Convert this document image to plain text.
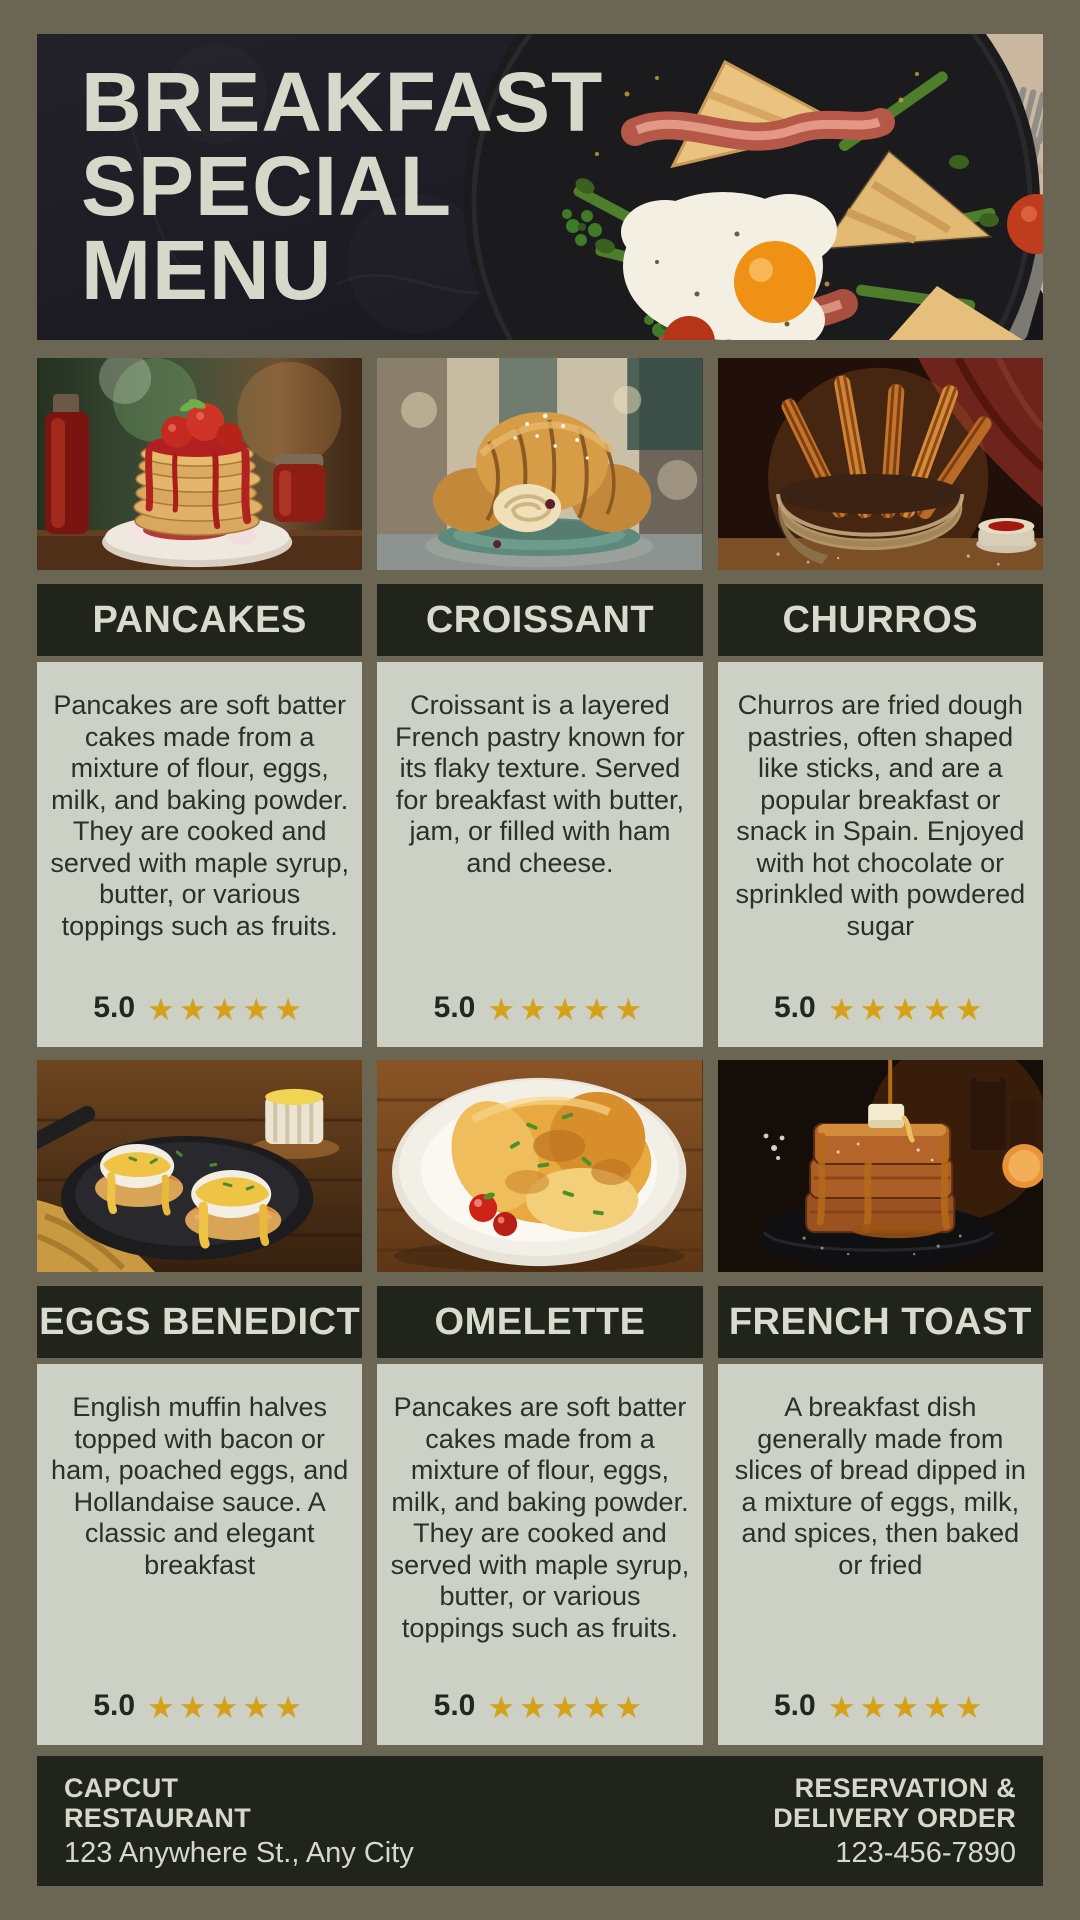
BREAKFAST
SPECIAL
MENU
PANCAKES
Pancakes are soft batter cakes made from a mixture of flour, eggs, milk, and baking powder. They are cooked and served with maple syrup, butter, or various toppings such as fruits.
5.0 ★★★★★
CROISSANT
Croissant is a layered French pastry known for its flaky texture. Served for breakfast with butter, jam, or filled with ham and cheese.
5.0 ★★★★★
CHURROS
Churros are fried dough pastries, often shaped like sticks, and are a popular breakfast or snack in Spain. Enjoyed with hot chocolate or sprinkled with powdered sugar
5.0 ★★★★★
EGGS BENEDICT
English muffin halves topped with bacon or ham, poached eggs, and Hollandaise sauce. A classic and elegant breakfast
5.0 ★★★★★
OMELETTE
Pancakes are soft batter cakes made from a mixture of flour, eggs, milk, and baking powder. They are cooked and served with maple syrup, butter, or various toppings such as fruits.
5.0 ★★★★★
FRENCH TOAST
A breakfast dish generally made from slices of bread dipped in a mixture of eggs, milk, and spices, then baked or fried
5.0 ★★★★★
CAPCUT
RESTAURANT
123 Anywhere St., Any City
RESERVATION &
DELIVERY ORDER
123-456-7890
